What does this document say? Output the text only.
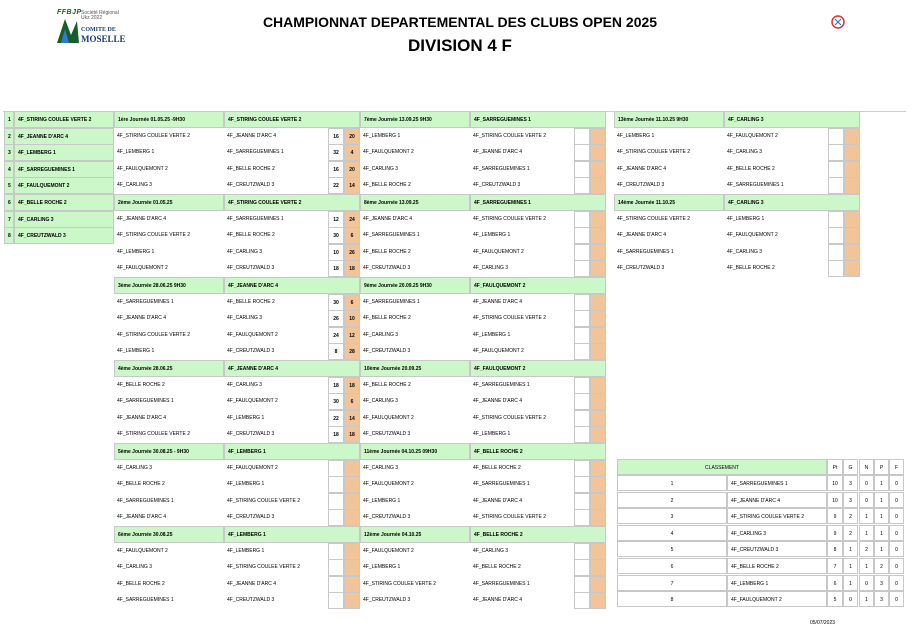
FFBJP Société Régional Ukz 2022
COMITE DE
MOSELLE
CHAMPIONNAT DEPARTEMENTAL DES CLUBS OPEN 2025
DIVISION 4 F
1	4F_STIRING COULEE VERTE 2
2	4F_JEANNE D'ARC 4
3	4F_LEMBERG 1
4	4F_SARREGUEMINES 1
5	4F_FAULQUEMONT 2
6	4F_BELLE ROCHE 2
7	4F_CARLING 3
8	4F_CREUTZWALD 3
1ère Journée 01.05.25 -9H30	4F_STIRING COULEE VERTE 2
4F_STIRING COULEE VERTE 2	4F_JEANNE D'ARC 4	16	20
4F_LEMBERG 1	4F_SARREGUEMINES 1	32	4
4F_FAULQUEMONT 2	4F_BELLE ROCHE 2	16	20
4F_CARLING 3	4F_CREUTZWALD 3	22	14
2ème Journée 01.05.25	4F_STIRING COULEE VERTE 2
4F_JEANNE D'ARC 4	4F_SARREGUEMINES 1	12	24
4F_STIRING COULEE VERTE 2	4F_BELLE ROCHE 2	30	6
4F_LEMBERG 1	4F_CARLING 3	10	26
4F_FAULQUEMONT 2	4F_CREUTZWALD 3	18	18
3ème Journée 28.06.25 9H30	4F_JEANNE D'ARC 4
4F_SARREGUEMINES 1	4F_BELLE ROCHE 2	30	6
4F_JEANNE D'ARC 4	4F_CARLING 3	26	10
4F_STIRING COULEE VERTE 2	4F_FAULQUEMONT 2	24	12
4F_LEMBERG 1	4F_CREUTZWALD 3	8	28
4ème Journée 28.06.25	4F_JEANNE D'ARC 4
4F_BELLE ROCHE 2	4F_CARLING 3	18	18
4F_SARREGUEMINES 1	4F_FAULQUEMONT 2	30	6
4F_JEANNE D'ARC 4	4F_LEMBERG 1	22	14
4F_STIRING COULEE VERTE 2	4F_CREUTZWALD 3	18	18
5ème Journée 30.08.25 - 9H30	4F_LEMBERG 1
4F_CARLING 3	4F_FAULQUEMONT 2
4F_BELLE ROCHE 2	4F_LEMBERG 1
4F_SARREGUEMINES 1	4F_STIRING COULEE VERTE 2
4F_JEANNE D'ARC 4	4F_CREUTZWALD 3
6ème Journée 30.08.25	4F_LEMBERG 1
4F_FAULQUEMONT 2	4F_LEMBERG 1
4F_CARLING 3	4F_STIRING COULEE VERTE 2
4F_BELLE ROCHE 2	4F_JEANNE D'ARC 4
4F_SARREGUEMINES 1	4F_CREUTZWALD 3
7ème Journée 13.09.25 9H30	4F_SARREGUEMINES 1
4F_LEMBERG 1	4F_STIRING COULEE VERTE 2
4F_FAULQUEMONT 2	4F_JEANNE D'ARC 4
4F_CARLING 3	4F_SARREGUEMINES 1
4F_BELLE ROCHE 2	4F_CREUTZWALD 3
8ème Journée 13.09.25	4F_SARREGUEMINES 1
4F_JEANNE D'ARC 4	4F_STIRING COULEE VERTE 2
4F_SARREGUEMINES 1	4F_LEMBERG 1
4F_BELLE ROCHE 2	4F_FAULQUEMONT 2
4F_CREUTZWALD 3	4F_CARLING 3
9ème Journée 20.09.25 9H30	4F_FAULQUEMONT 2
4F_SARREGUEMINES 1	4F_JEANNE D'ARC 4
4F_BELLE ROCHE 2	4F_STIRING COULEE VERTE 2
4F_CARLING 3	4F_LEMBERG 1
4F_CREUTZWALD 3	4F_FAULQUEMONT 2
10ème Journée 20.09.25	4F_FAULQUEMONT 2
4F_BELLE ROCHE 2	4F_SARREGUEMINES 1
4F_CARLING 3	4F_JEANNE D'ARC 4
4F_FAULQUEMONT 2	4F_STIRING COULEE VERTE 2
4F_CREUTZWALD 3	4F_LEMBERG 1
11ème Journée 04.10.25 09H30	4F_BELLE ROCHE 2
4F_CARLING 3	4F_BELLE ROCHE 2
4F_FAULQUEMONT 2	4F_SARREGUEMINES 1
4F_LEMBERG 1	4F_JEANNE D'ARC 4
4F_CREUTZWALD 3	4F_STIRING COULEE VERTE 2
12ème Journée 04.10.25	4F_BELLE ROCHE 2
4F_FAULQUEMONT 2	4F_CARLING 3
4F_LEMBERG 1	4F_BELLE ROCHE 2
4F_STIRING COULEE VERTE 2	4F_SARREGUEMINES 1
4F_CREUTZWALD 3	4F_JEANNE D'ARC 4
13ème Journée 11.10.25 9H30	4F_CARLING 3
4F_LEMBERG 1	4F_FAULQUEMONT 2
4F_STIRING COULEE VERTE 2	4F_CARLING 3
4F_JEANNE D'ARC 4	4F_BELLE ROCHE 2
4F_CREUTZWALD 3	4F_SARREGUEMINES 1
14ème Journée 11.10.25	4F_CARLING 3
4F_STIRING COULEE VERTE 2	4F_LEMBERG 1
4F_JEANNE D'ARC 4	4F_FAULQUEMONT 2
4F_SARREGUEMINES 1	4F_CARLING 3
4F_CREUTZWALD 3	4F_BELLE ROCHE 2
CLASSEMENT	Pt	G	N	P	F
1	4F_SARREGUEMINES 1	10	3	0	1	0
2	4F_JEANNE D'ARC 4	10	3	0	1	0
3	4F_STIRING COULEE VERTE 2	9	2	1	1	0
4	4F_CARLING 3	9	2	1	1	0
5	4F_CREUTZWALD 3	8	1	2	1	0
6	4F_BELLE ROCHE 2	7	1	1	2	0
7	4F_LEMBERG 1	6	1	0	3	0
8	4F_FAULQUEMONT 2	5	0	1	3	0
05/07/2023
